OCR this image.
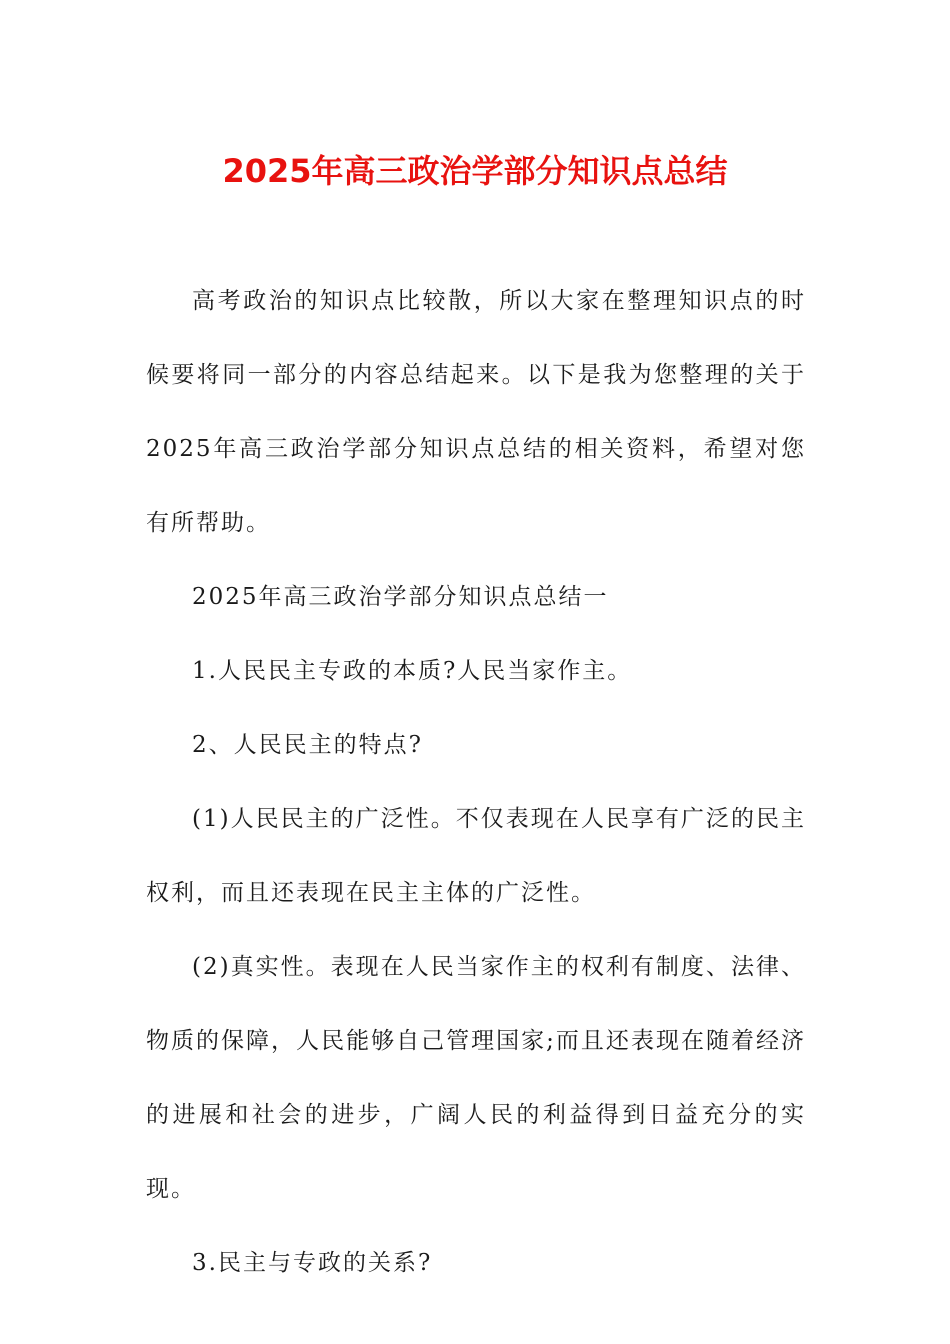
2025年高三政治学部分知识点总结

高考政治的知识点比较散，所以大家在整理知识点的时候要将同一部分的内容总结起来。以下是我为您整理的关于2025年高三政治学部分知识点总结的相关资料，希望对您有所帮助。

2025年高三政治学部分知识点总结一

1.人民民主专政的本质?人民当家作主。

2、人民民主的特点?

(1)人民民主的广泛性。不仅表现在人民享有广泛的民主权利，而且还表现在民主主体的广泛性。

(2)真实性。表现在人民当家作主的权利有制度、法律、物质的保障，人民能够自己管理国家;而且还表现在随着经济的进展和社会的进步，广阔人民的利益得到日益充分的实现。

3.民主与专政的关系?
